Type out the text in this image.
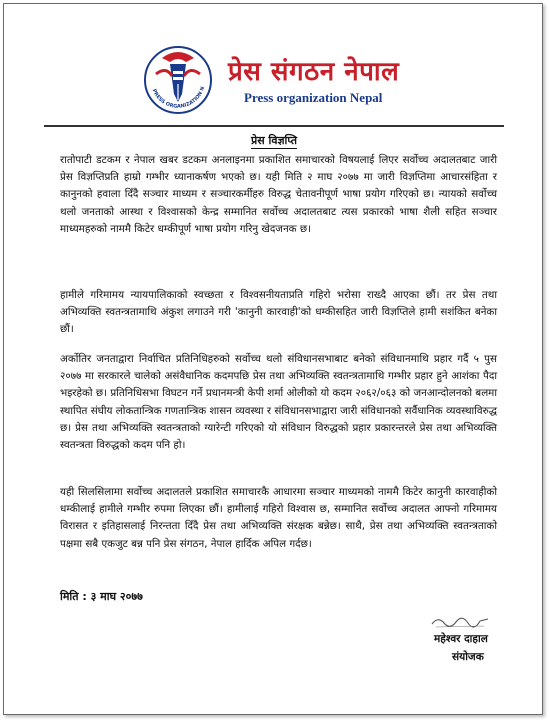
PRESS ORGANIZATION N
प्रेस संगठन नेपाल
Press organization Nepal
प्रेस विज्ञप्ति
रातोपाटी डटकम र नेपाल खबर डटकम अनलाइनमा प्रकाशित समाचारको विषयलाई लिएर सर्वोच्च अदालतबाट जारी प्रेस विज्ञप्तिप्रति हाम्रो गम्भीर ध्यानाकर्षण भएको छ। यही मिति २ माघ २०७७ मा जारी विज्ञप्तिमा आचारसंहिता र कानुनको हवाला दिँदै सञ्चार माध्यम र सञ्चारकर्मीहरु विरुद्ध चेतावनीपूर्ण भाषा प्रयोग गरिएको छ। न्यायको सर्वोच्च थलो जनताको आस्था र विश्वासको केन्द्र सम्मानित सर्वोच्च अदालतबाट त्यस प्रकारको भाषा शैली सहित सञ्चार माध्यमहरुको नाममै किटेर धम्कीपूर्ण भाषा प्रयोग गरिनु खेदजनक छ।
हामीले गरिमामय न्यायपालिकाको स्वच्छता र विश्वसनीयताप्रति गहिरो भरोसा राख्दै आएका छौं। तर प्रेस तथा अभिव्यक्ति स्वतन्त्रतामाथि अंकुश लगाउने गरी 'कानुनी कारवाही'को धम्कीसहित जारी विज्ञप्तिले हामी सशंकित बनेका छौं।
अर्कोतिर जनताद्वारा निर्वाचित प्रतिनिधिहरुको सर्वोच्च थलो संविधानसभाबाट बनेको संविधानमाथि प्रहार गर्दै ५ पुस २०७७ मा सरकारले चालेको असंवैधानिक कदमपछि प्रेस तथा अभिव्यक्ति स्वतन्त्रतामाथि गम्भीर प्रहार हुने आशंका पैदा भइरहेको छ। प्रतिनिधिसभा विघटन गर्ने प्रधानमन्त्री केपी शर्मा ओलीको यो कदम २०६२/०६३ को जनआन्दोलनको बलमा स्थापित संघीय लोकतान्त्रिक गणतान्त्रिक शासन व्यवस्था र संविधानसभाद्वारा जारी संविधानको सर्वैधानिक व्यवस्थाविरुद्ध छ। प्रेस तथा अभिव्यक्ति स्वतन्त्रताको ग्यारेन्टी गरिएको यो संविधान विरुद्धको प्रहार प्रकारन्तरले प्रेस तथा अभिव्यक्ति स्वतन्त्रता विरुद्धको कदम पनि हो।
यही सिलसिलामा सर्वोच्च अदालतले प्रकाशित समाचारकै आधारमा सञ्चार माध्यमको नाममै किटेर कानुनी कारवाहीको धम्कीलाई हामीले गम्भीर रुपमा लिएका छौं। हामीलाई गहिरो विश्वास छ, सम्मानित सर्वोच्च अदालत आफ्नो गरिमामय विरासत र इतिहासलाई निरन्तता दिँदै प्रेस तथा अभिव्यक्ति संरक्षक बन्नेछ। साथै, प्रेस तथा अभिव्यक्ति स्वतन्त्रताको पक्षमा सबै एकजुट बन्न पनि प्रेस संगठन, नेपाल हार्दिक अपिल गर्दछ।
मिति : ३ माघ २०७७
महेश्वर दाहाल
संयोजक
